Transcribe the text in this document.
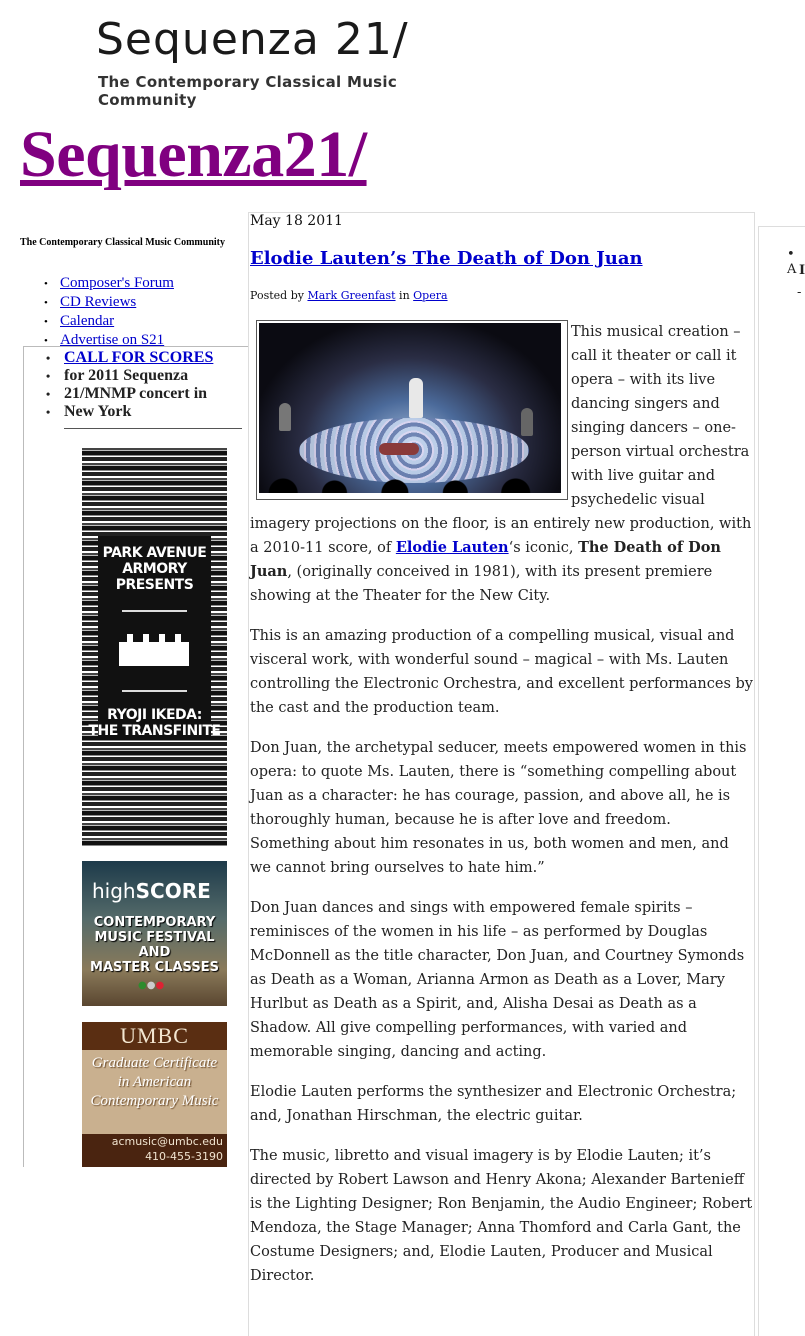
Sequenza 21/
The Contemporary Classical Music Community
Sequenza21/
The Contemporary Classical Music Community
• Composer's Forum
• CD Reviews
• Calendar
• Advertise on S21
• CALL FOR SCORES
• for 2011 Sequenza
• 21/MNMP concert in
• New York
PARK AVENUE
ARMORY
PRESENTS
RYOJI IKEDA:
THE TRANSFINITE
highSCORE
CONTEMPORARY
MUSIC FESTIVAL
AND
MASTER CLASSES
●●●
UMBC
Graduate Certificate
in American
Contemporary Music
acmusic@umbc.edu
410-455-3190
May 18 2011
Elodie Lauten’s The Death of Don Juan
Posted by Mark Greenfast in Opera

This musical creation – call it theater or call it opera – with its live dancing singers and singing dancers – one-person virtual orchestra with live guitar and psychedelic visual imagery projections on the floor, is an entirely new production, with a 2010-11 score, of Elodie Lauten‘s iconic, The Death of Don Juan, (originally conceived in 1981), with its present premiere showing at the Theater for the New City.

This is an amazing production of a compelling musical, visual and visceral work, with wonderful sound – magical – with Ms. Lauten controlling the Electronic Orchestra, and excellent performances by the cast and the production team.

Don Juan, the archetypal seducer, meets empowered women in this opera: to quote Ms. Lauten, there is “something compelling about Juan as a character: he has courage, passion, and above all, he is thoroughly human, because he is after love and freedom. Something about him resonates in us, both women and men, and we cannot bring ourselves to hate him.”

Don Juan dances and sings with empowered female spirits – reminisces of the women in his life – as performed by Douglas McDonnell as the title character, Don Juan, and Courtney Symonds as Death as a Woman, Arianna Armon as Death as a Lover, Mary Hurlbut as Death as a Spirit, and, Alisha Desai as Death as a Shadow. All give compelling performances, with varied and memorable singing, dancing and acting.

Elodie Lauten performs the synthesizer and Electronic Orchestra; and, Jonathan Hirschman, the electric guitar.

The music, libretto and visual imagery is by Elodie Lauten; it’s directed by Robert Lawson and Henry Akona; Alexander Bartenieff is the Lighting Designer; Ron Benjamin, the Audio Engineer; Robert Mendoza, the Stage Manager; Anna Thomford and Carla Gant, the Costume Designers; and, Elodie Lauten, Producer and Musical Director.

• A I
-
